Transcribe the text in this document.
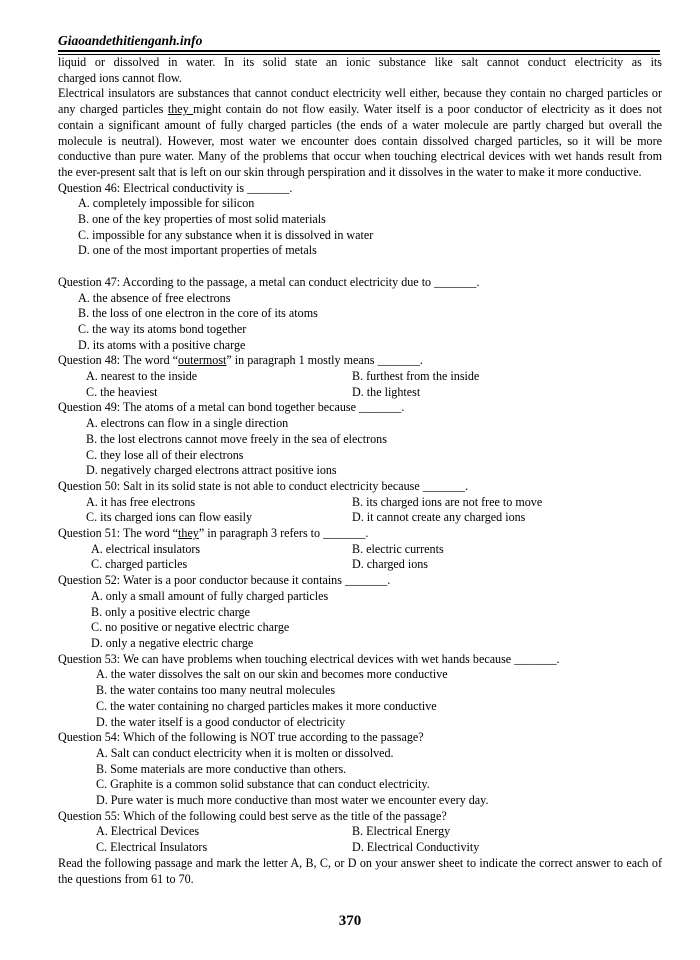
Giaoandethitienganh.info

liquid or dissolved in water. In its solid state an ionic substance like salt cannot conduct electricity as its

charged ions cannot flow.

Electrical insulators are substances that cannot conduct electricity well either, because they contain no charged particles or any charged particles they might contain do not flow easily. Water itself is a poor conductor of electricity as it does not contain a significant amount of fully charged particles (the ends of a water molecule are partly charged but overall the molecule is neutral). However, most water we encounter does contain dissolved charged particles, so it will be more conductive than pure water. Many of the problems that occur when touching electrical devices with wet hands result from the ever-present salt that is left on our skin through perspiration and it dissolves in the water to make it more conductive.

Question 46: Electrical conductivity is _______.
A. completely impossible for silicon
B. one of the key properties of most solid materials
C. impossible for any substance when it is dissolved in water
D. one of the most important properties of metals
Question 47: According to the passage, a metal can conduct electricity due to _______.
A. the absence of free electrons
B. the loss of one electron in the core of its atoms
C. the way its atoms bond together
D. its atoms with a positive charge
Question 48: The word “outermost” in paragraph 1 mostly means _______.
A. nearest to the inside	B. furthest from the inside
C. the heaviest	D. the lightest
Question 49: The atoms of a metal can bond together because _______.
A. electrons can flow in a single direction
B. the lost electrons cannot move freely in the sea of electrons
C. they lose all of their electrons
D. negatively charged electrons attract positive ions
Question 50: Salt in its solid state is not able to conduct electricity because _______.
A. it has free electrons	B. its charged ions are not free to move
C. its charged ions can flow easily	D. it cannot create any charged ions
Question 51: The word “they” in paragraph 3 refers to _______.
A. electrical insulators	B. electric currents
C. charged particles	D. charged ions
Question 52: Water is a poor conductor because it contains _______.
A. only a small amount of fully charged particles
B. only a positive electric charge
C. no positive or negative electric charge
D. only a negative electric charge
Question 53: We can have problems when touching electrical devices with wet hands because _______.
A. the water dissolves the salt on our skin and becomes more conductive
B. the water contains too many neutral molecules
C. the water containing no charged particles makes it more conductive
D. the water itself is a good conductor of electricity
Question 54: Which of the following is NOT true according to the passage?
A. Salt can conduct electricity when it is molten or dissolved.
B. Some materials are more conductive than others.
C. Graphite is a common solid substance that can conduct electricity.
D. Pure water is much more conductive than most water we encounter every day.
Question 55: Which of the following could best serve as the title of the passage?
A. Electrical Devices	B. Electrical Energy
C. Electrical Insulators	D. Electrical Conductivity

Read the following passage and mark the letter A, B, C, or D on your answer sheet to indicate the correct answer to each of the questions from 61 to 70.

370
